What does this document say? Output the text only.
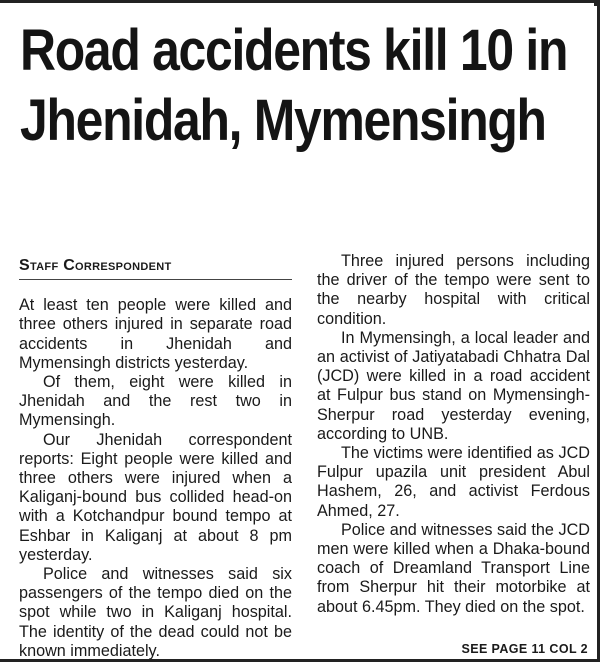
Road accidents kill 10 in Jhenidah, Mymensingh
Staff Correspondent

At least ten people were killed and three others injured in separate road accidents in Jhenidah and Mymensingh districts yesterday.

Of them, eight were killed in Jhenidah and the rest two in Mymensingh.

Our Jhenidah correspondent reports: Eight people were killed and three others were injured when a Kaliganj-bound bus collided head-on with a Kotchandpur bound tempo at Eshbar in Kaliganj at about 8 pm yesterday.

Police and witnesses said six passengers of the tempo died on the spot while two in Kaliganj hospital. The identity of the dead could not be known immediately.

Three injured persons including the driver of the tempo were sent to the nearby hospital with critical condition.

In Mymensingh, a local leader and an activist of Jatiyatabadi Chhatra Dal (JCD) were killed in a road accident at Fulpur bus stand on Mymensingh-Sherpur road yesterday evening, according to UNB.

The victims were identified as JCD Fulpur upazila unit president Abul Hashem, 26, and activist Ferdous Ahmed, 27.

Police and witnesses said the JCD men were killed when a Dhaka-bound coach of Dreamland Transport Line from Sherpur hit their motorbike at about 6.45pm. They died on the spot.

SEE PAGE 11 COL 2
